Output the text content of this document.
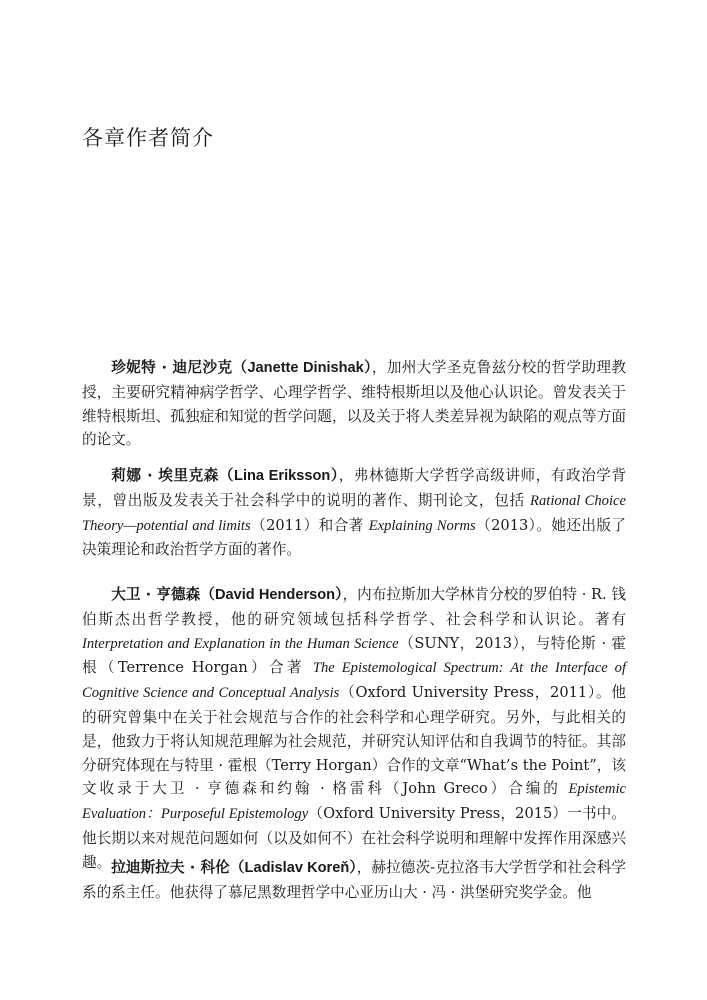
各章作者简介

珍妮特 · 迪尼沙克（Janette Dinishak），加州大学圣克鲁兹分校的哲学助理教授，主要研究精神病学哲学、心理学哲学、维特根斯坦以及他心认识论。曾发表关于维特根斯坦、孤独症和知觉的哲学问题，以及关于将人类差异视为缺陷的观点等方面的论文。

莉娜 · 埃里克森（Lina Eriksson），弗林德斯大学哲学高级讲师，有政治学背景，曾出版及发表关于社会科学中的说明的著作、期刊论文，包括 Rational Choice Theory—potential and limits（2011）和合著 Explaining Norms（2013）。她还出版了决策理论和政治哲学方面的著作。

大卫 · 亨德森（David Henderson），内布拉斯加大学林肯分校的罗伯特 · R. 钱伯斯杰出哲学教授，他的研究领域包括科学哲学、社会科学和认识论。著有 Interpretation and Explanation in the Human Science（SUNY，2013），与特伦斯 · 霍根（Terrence Horgan）合著 The Epistemological Spectrum: At the Interface of Cognitive Science and Conceptual Analysis（Oxford University Press，2011）。他的研究曾集中在关于社会规范与合作的社会科学和心理学研究。另外，与此相关的是，他致力于将认知规范理解为社会规范，并研究认知评估和自我调节的特征。其部分研究体现在与特里 · 霍根（Terry Horgan）合作的文章“What’s the Point”，该文收录于大卫 · 亨德森和约翰 · 格雷科（John Greco）合编的 Epistemic Evaluation：Purposeful Epistemology（Oxford University Press，2015）一书中。他长期以来对规范问题如何（以及如何不）在社会科学说明和理解中发挥作用深感兴趣。 拉迪斯拉夫 · 科伦（Ladislav Koreň），赫拉德茨-克拉洛韦大学哲学和社会科学系的系主任。他获得了慕尼黑数理哲学中心亚历山大 · 冯 · 洪堡研究奖学金。他
